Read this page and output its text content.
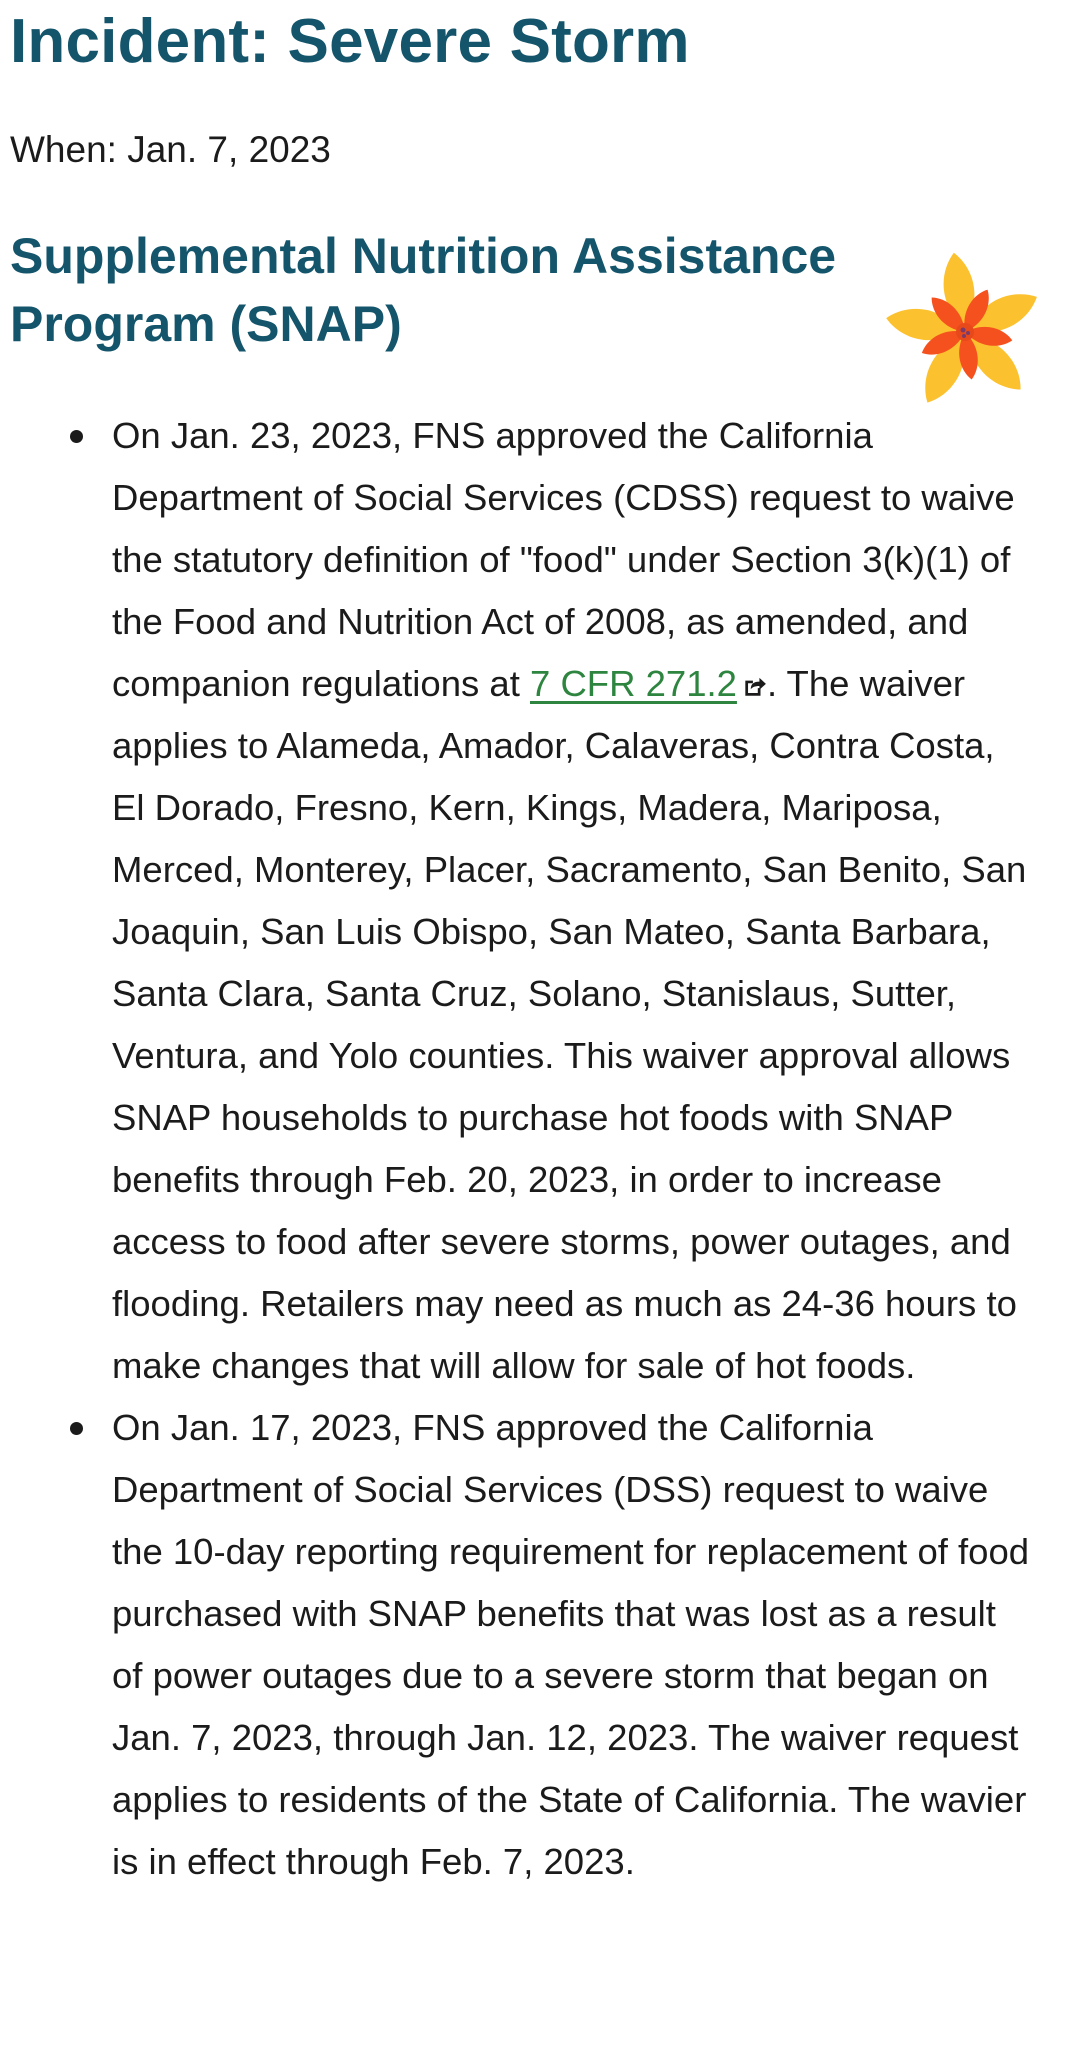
Incident: Severe Storm

When: Jan. 7, 2023

Supplemental Nutrition Assistance Program (SNAP)
On Jan. 23, 2023, FNS approved the California Department of Social Services (CDSS) request to waive the statutory definition of "food" under Section 3(k)(1) of the Food and Nutrition Act of 2008, as amended, and companion regulations at 7 CFR 271.2 . The waiver applies to Alameda, Amador, Calaveras, Contra Costa, El Dorado, Fresno, Kern, Kings, Madera, Mariposa, Merced, Monterey, Placer, Sacramento, San Benito, San Joaquin, San Luis Obispo, San Mateo, Santa Barbara, Santa Clara, Santa Cruz, Solano, Stanislaus, Sutter, Ventura, and Yolo counties. This waiver approval allows SNAP households to purchase hot foods with SNAP benefits through Feb. 20, 2023, in order to increase access to food after severe storms, power outages, and flooding. Retailers may need as much as 24-36 hours to make changes that will allow for sale of hot foods.
On Jan. 17, 2023, FNS approved the California Department of Social Services (DSS) request to waive the 10-day reporting requirement for replacement of food purchased with SNAP benefits that was lost as a result of power outages due to a severe storm that began on Jan. 7, 2023, through Jan. 12, 2023. The waiver request applies to residents of the State of California. The wavier is in effect through Feb. 7, 2023.
